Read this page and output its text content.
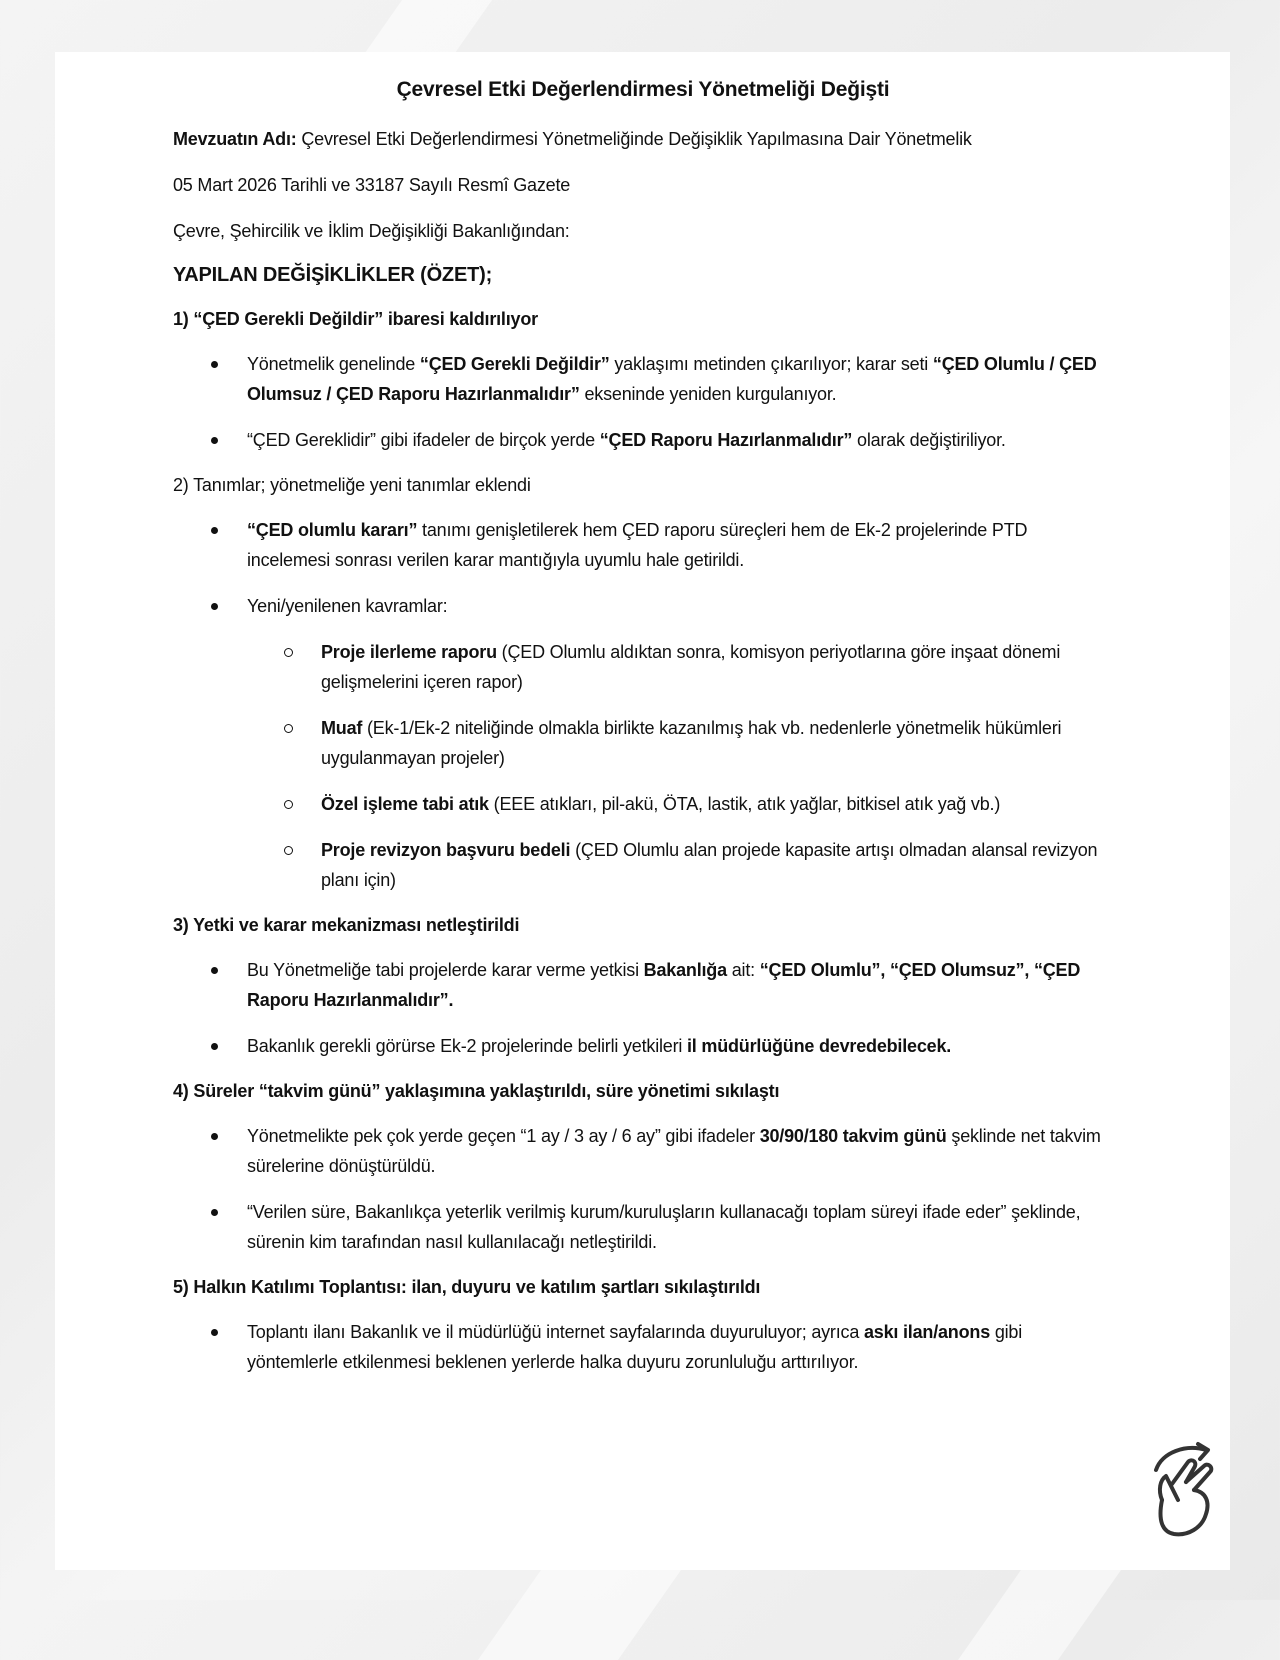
Çevresel Etki Değerlendirmesi Yönetmeliği Değişti

Mevzuatın Adı: Çevresel Etki Değerlendirmesi Yönetmeliğinde Değişiklik Yapılmasına Dair Yönetmelik

05 Mart 2026 Tarihli ve 33187 Sayılı Resmî Gazete

Çevre, Şehircilik ve İklim Değişikliği Bakanlığından:

YAPILAN DEĞİŞİKLİKLER (ÖZET);
1) “ÇED Gerekli Değildir” ibaresi kaldırılıyor
Yönetmelik genelinde “ÇED Gerekli Değildir” yaklaşımı metinden çıkarılıyor; karar seti “ÇED Olumlu / ÇED Olumsuz / ÇED Raporu Hazırlanmalıdır” ekseninde yeniden kurgulanıyor.
“ÇED Gereklidir” gibi ifadeler de birçok yerde “ÇED Raporu Hazırlanmalıdır” olarak değiştiriliyor.
2) Tanımlar; yönetmeliğe yeni tanımlar eklendi
“ÇED olumlu kararı” tanımı genişletilerek hem ÇED raporu süreçleri hem de Ek-2 projelerinde PTD incelemesi sonrası verilen karar mantığıyla uyumlu hale getirildi.
Yeni/yenilenen kavramlar:
Proje ilerleme raporu (ÇED Olumlu aldıktan sonra, komisyon periyotlarına göre inşaat dönemi gelişmelerini içeren rapor)
Muaf (Ek-1/Ek-2 niteliğinde olmakla birlikte kazanılmış hak vb. nedenlerle yönetmelik hükümleri uygulanmayan projeler)
Özel işleme tabi atık (EEE atıkları, pil-akü, ÖTA, lastik, atık yağlar, bitkisel atık yağ vb.)
Proje revizyon başvuru bedeli (ÇED Olumlu alan projede kapasite artışı olmadan alansal revizyon planı için)
3) Yetki ve karar mekanizması netleştirildi
Bu Yönetmeliğe tabi projelerde karar verme yetkisi Bakanlığa ait: “ÇED Olumlu”, “ÇED Olumsuz”, “ÇED Raporu Hazırlanmalıdır”.
Bakanlık gerekli görürse Ek-2 projelerinde belirli yetkileri il müdürlüğüne devredebilecek.
4) Süreler “takvim günü” yaklaşımına yaklaştırıldı, süre yönetimi sıkılaştı
Yönetmelikte pek çok yerde geçen “1 ay / 3 ay / 6 ay” gibi ifadeler 30/90/180 takvim günü şeklinde net takvim sürelerine dönüştürüldü.
“Verilen süre, Bakanlıkça yeterlik verilmiş kurum/kuruluşların kullanacağı toplam süreyi ifade eder” şeklinde, sürenin kim tarafından nasıl kullanılacağı netleştirildi.
5) Halkın Katılımı Toplantısı: ilan, duyuru ve katılım şartları sıkılaştırıldı
Toplantı ilanı Bakanlık ve il müdürlüğü internet sayfalarında duyuruluyor; ayrıca askı ilan/anons gibi yöntemlerle etkilenmesi beklenen yerlerde halka duyuru zorunluluğu arttırılıyor.
